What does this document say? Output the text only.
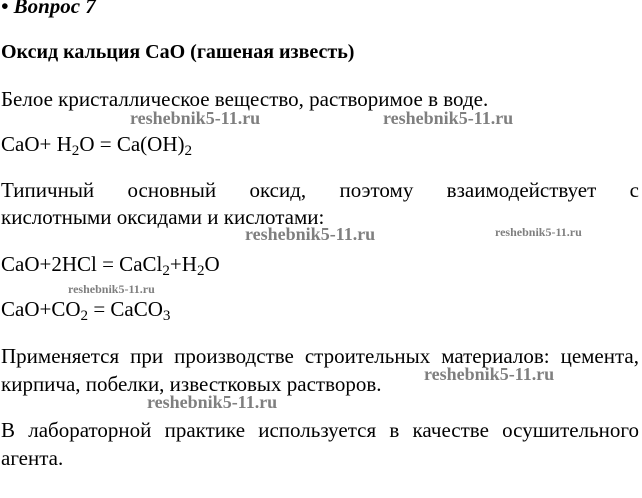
• Вопрос 7

Оксид кальция CaO (гашеная известь)

Белое кристаллическое вещество, растворимое в воде.

$CaO+ H_2O = Ca(OH)_2$

Типичный основный оксид, поэтому взаимодействует с

кислотными оксидами и кислотами:

$CaO+2HCl = CaCl_2+H_2O$

$CaO+CO_2$ = CaCO$_3$

Применяется при производстве строительных материалов: цемента,

кирпича, побелки, известковых растворов.

В лабораторной практике используется в качестве осушительного

агента.

reshebnik5-11.ru	reshebnik5-11.ru
reshebnik5-11.ru	reshebnik5-11.ru
reshebnik5-11.ru
reshebnik5-11.ru
reshebnik5-11.ru
